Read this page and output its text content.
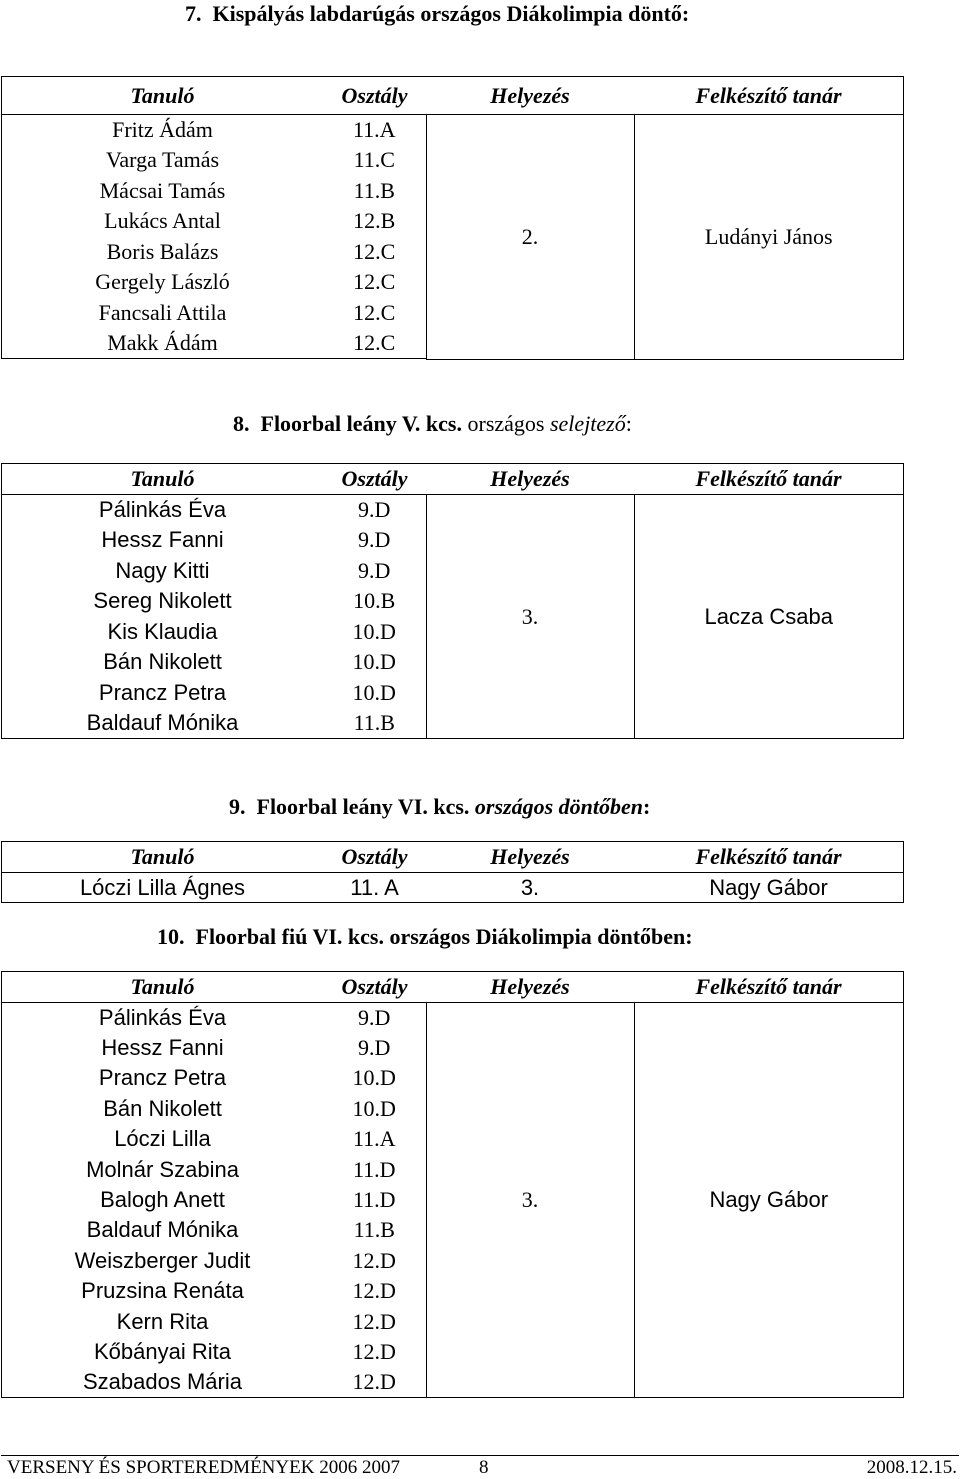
7. Kispályás labdarúgás országos Diákolimpia döntő:
Tanuló	Osztály	Helyezés	Felkészítő tanár
Fritz Ádám	11.A	2.	Ludányi János
Varga Tamás	11.C		
Mácsai Tamás	11.B		
Lukács Antal	12.B		
Boris Balázs	12.C		
Gergely László	12.C		
Fancsali Attila	12.C		
Makk Ádám	12.C		

8. Floorbal leány V. kcs. országos selejtező:
Tanuló	Osztály	Helyezés	Felkészítő tanár
Pálinkás Éva	9.D	3.	Lacza Csaba
Hessz Fanni	9.D		
Nagy Kitti	9.D		
Sereg Nikolett	10.B		
Kis Klaudia	10.D		
Bán Nikolett	10.D		
Prancz Petra	10.D		
Baldauf Mónika	11.B		
9. Floorbal leány VI. kcs. országos döntőben:
Tanuló	Osztály	Helyezés	Felkészítő tanár
Lóczi Lilla Ágnes	11. A	3.	Nagy Gábor
10. Floorbal fiú VI. kcs. országos Diákolimpia döntőben:
Tanuló	Osztály	Helyezés	Felkészítő tanár
Pálinkás Éva	9.D	3.	Nagy Gábor
Hessz Fanni	9.D		
Prancz Petra	10.D		
Bán Nikolett	10.D		
Lóczi Lilla	11.A		
Molnár Szabina	11.D		
Balogh Anett	11.D		
Baldauf Mónika	11.B		
Weiszberger Judit	12.D		
Pruzsina Renáta	12.D		
Kern Rita	12.D		
Kőbányai Rita	12.D		
Szabados Mária	12.D		
VERSENY ÉS SPORTEREDMÉNYEK 2006 2007	8	2008.12.15.
